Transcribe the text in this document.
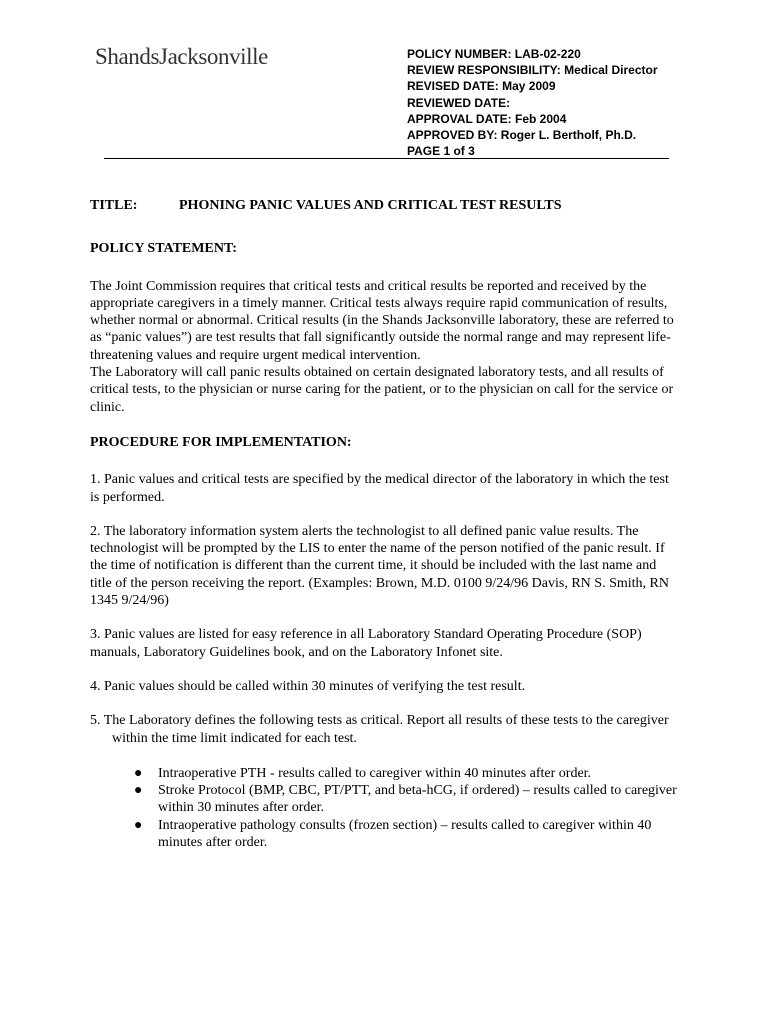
ShandsJacksonville	POLICY NUMBER: LAB-02-220
REVIEW RESPONSIBILITY: Medical Director
REVISED DATE: May 2009
REVIEWED DATE:
APPROVAL DATE: Feb 2004
APPROVED BY: Roger L. Bertholf, Ph.D.
PAGE 1 of 3
TITLE:	PHONING PANIC VALUES AND CRITICAL TEST RESULTS
POLICY STATEMENT:

The Joint Commission requires that critical tests and critical results be reported and received by the appropriate caregivers in a timely manner. Critical tests always require rapid communication of results, whether normal or abnormal. Critical results (in the Shands Jacksonville laboratory, these are referred to as “panic values”) are test results that fall significantly outside the normal range and may represent life-threatening values and require urgent medical intervention.

The Laboratory will call panic results obtained on certain designated laboratory tests, and all results of critical tests, to the physician or nurse caring for the patient, or to the physician on call for the service or clinic.

PROCEDURE FOR IMPLEMENTATION:

1. Panic values and critical tests are specified by the medical director of the laboratory in which the test is performed.

2. The laboratory information system alerts the technologist to all defined panic value results. The technologist will be prompted by the LIS to enter the name of the person notified of the panic result. If the time of notification is different than the current time, it should be included with the last name and title of the person receiving the report. (Examples: Brown, M.D. 0100 9/24/96 Davis, RN S. Smith, RN 1345 9/24/96)

3. Panic values are listed for easy reference in all Laboratory Standard Operating Procedure (SOP) manuals, Laboratory Guidelines book, and on the Laboratory Infonet site.

4. Panic values should be called within 30 minutes of verifying the test result.

5. The Laboratory defines the following tests as critical. Report all results of these tests to the caregiver within the time limit indicated for each test.

● Intraoperative PTH - results called to caregiver within 40 minutes after order.
● Stroke Protocol (BMP, CBC, PT/PTT, and beta-hCG, if ordered) – results called to caregiver within 30 minutes after order.
● Intraoperative pathology consults (frozen section) – results called to caregiver within 40 minutes after order.
